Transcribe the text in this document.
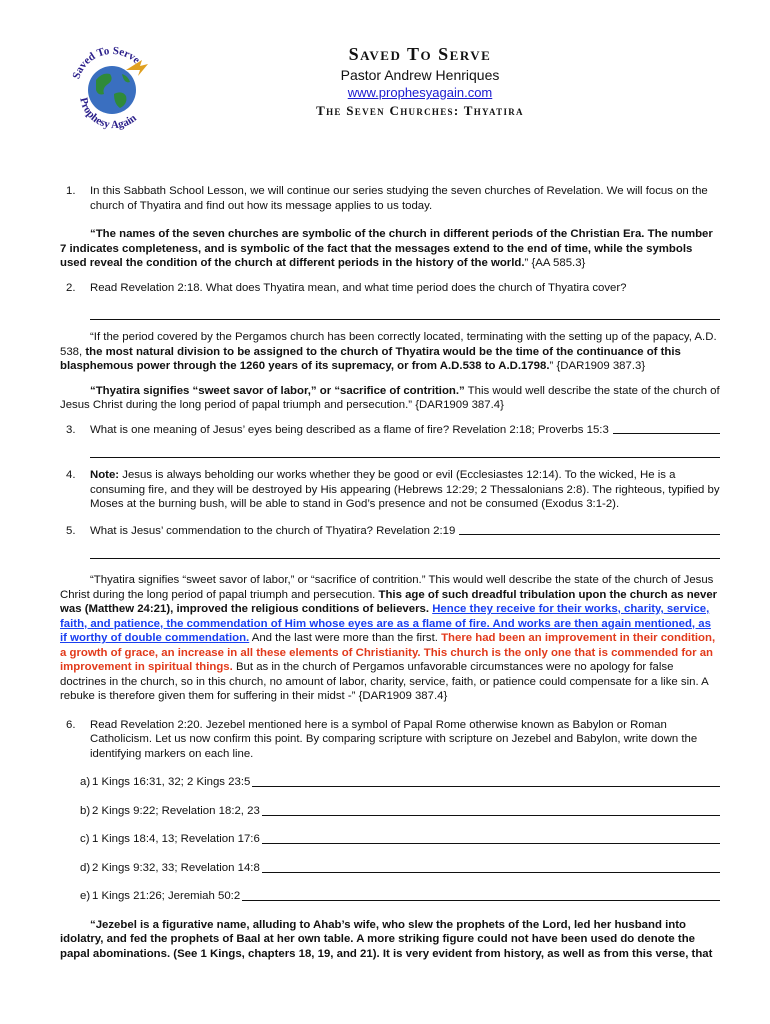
Saved To Serve
Prophesy Again
Saved To Serve
Pastor Andrew Henriques
www.prophesyagain.com
The Seven Churches: Thyatira
1. In this Sabbath School Lesson, we will continue our series studying the seven churches of Revelation. We will focus on the church of Thyatira and find out how its message applies to us today.
“The names of the seven churches are symbolic of the church in different periods of the Christian Era. The number 7 indicates completeness, and is symbolic of the fact that the messages extend to the end of time, while the symbols used reveal the condition of the church at different periods in the history of the world.” {AA 585.3}
2. Read Revelation 2:18. What does Thyatira mean, and what time period does the church of Thyatira cover?
“If the period covered by the Pergamos church has been correctly located, terminating with the setting up of the papacy, A.D. 538, the most natural division to be assigned to the church of Thyatira would be the time of the continuance of this blasphemous power through the 1260 years of its supremacy, or from A.D.538 to A.D.1798.” {DAR1909 387.3}
“Thyatira signifies “sweet savor of labor,” or “sacrifice of contrition.” This would well describe the state of the church of Jesus Christ during the long period of papal triumph and persecution.” {DAR1909 387.4}
3. What is one meaning of Jesus’ eyes being described as a flame of fire? Revelation 2:18; Proverbs 15:3
4. Note: Jesus is always beholding our works whether they be good or evil (Ecclesiastes 12:14). To the wicked, He is a consuming fire, and they will be destroyed by His appearing (Hebrews 12:29; 2 Thessalonians 2:8). The righteous, typified by Moses at the burning bush, will be able to stand in God’s presence and not be consumed (Exodus 3:1-2).
5. What is Jesus’ commendation to the church of Thyatira? Revelation 2:19
“Thyatira signifies “sweet savor of labor,” or “sacrifice of contrition.” This would well describe the state of the church of Jesus Christ during the long period of papal triumph and persecution. This age of such dreadful tribulation upon the church as never was (Matthew 24:21), improved the religious conditions of believers. Hence they receive for their works, charity, service, faith, and patience, the commendation of Him whose eyes are as a flame of fire. And works are then again mentioned, as if worthy of double commendation. And the last were more than the first. There had been an improvement in their condition, a growth of grace, an increase in all these elements of Christianity. This church is the only one that is commended for an improvement in spiritual things. But as in the church of Pergamos unfavorable circumstances were no apology for false doctrines in the church, so in this church, no amount of labor, charity, service, faith, or patience could compensate for a like sin. A rebuke is therefore given them for suffering in their midst -” {DAR1909 387.4}
6. Read Revelation 2:20. Jezebel mentioned here is a symbol of Papal Rome otherwise known as Babylon or Roman Catholicism. Let us now confirm this point. By comparing scripture with scripture on Jezebel and Babylon, write down the identifying markers on each line.
a) 1 Kings 16:31, 32; 2 Kings 23:5
b) 2 Kings 9:22; Revelation 18:2, 23
c) 1 Kings 18:4, 13; Revelation 17:6
d) 2 Kings 9:32, 33; Revelation 14:8
e) 1 Kings 21:26; Jeremiah 50:2
“Jezebel is a figurative name, alluding to Ahab’s wife, who slew the prophets of the Lord, led her husband into idolatry, and fed the prophets of Baal at her own table. A more striking figure could not have been used do denote the papal abominations. (See 1 Kings, chapters 18, 19, and 21). It is very evident from history, as well as from this verse, that
